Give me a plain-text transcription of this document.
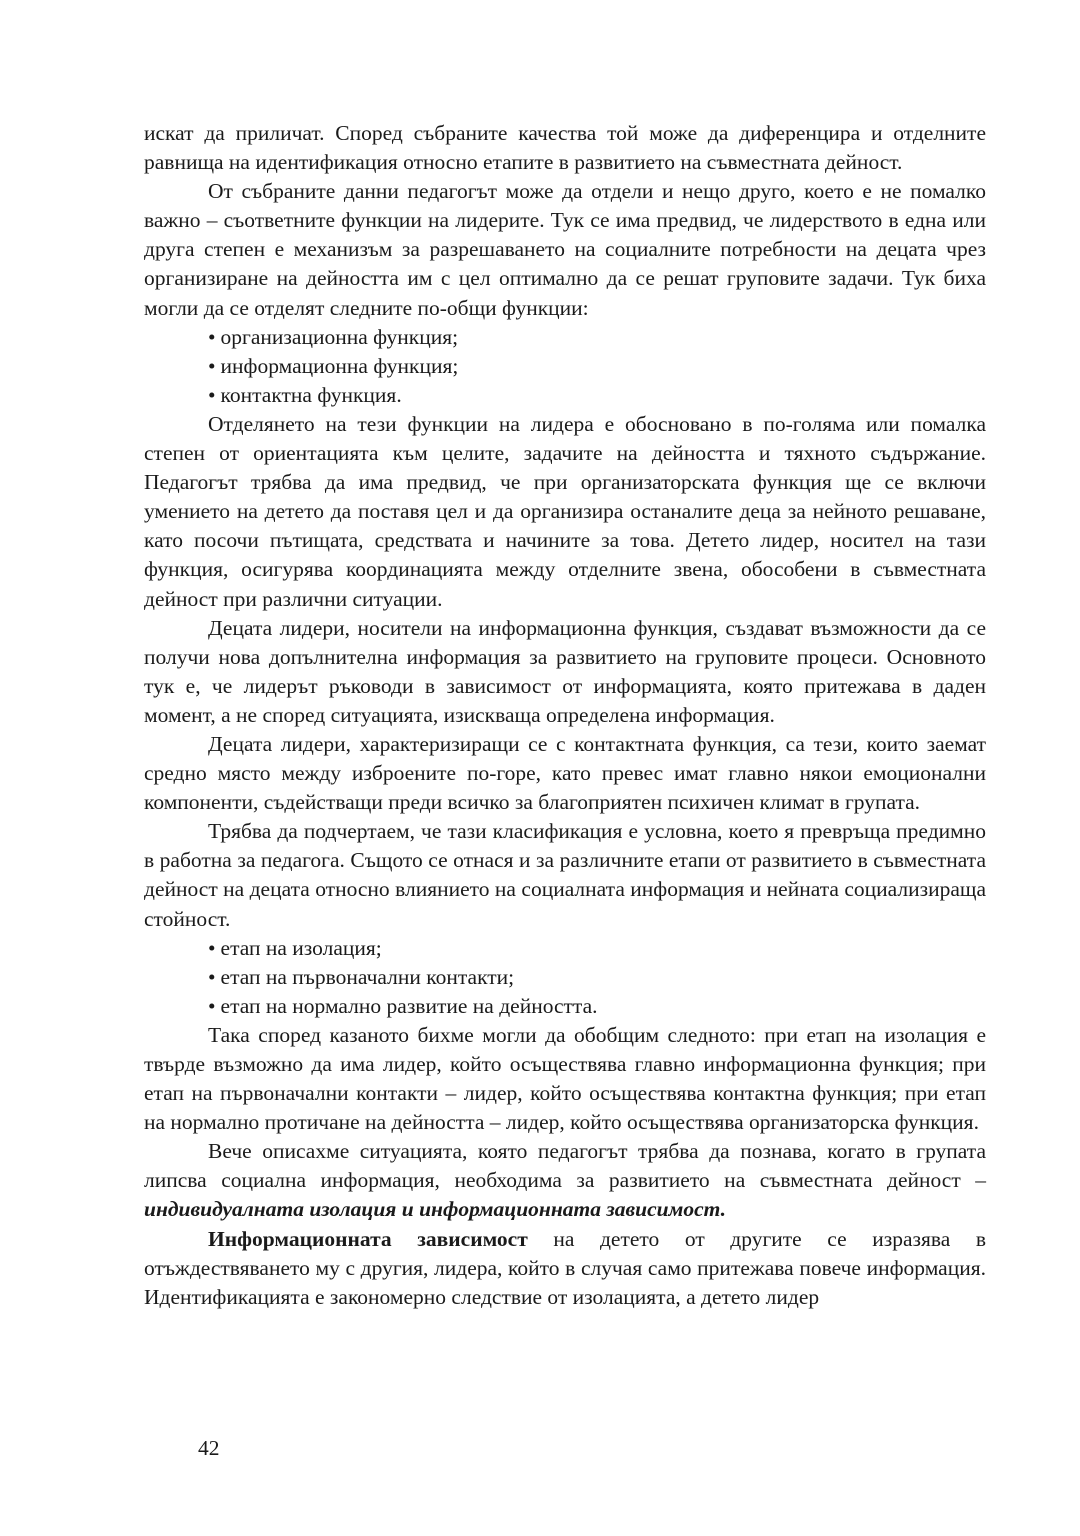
искат да приличат. Според събраните качества той може да диференцира и отделните равнища на идентификация относно етапите в развитието на съвместната дейност.

От събраните данни педагогът може да отдели и нещо друго, което е не помалко важно – съответните функции на лидерите. Тук се има предвид, че лидерството в една или друга степен е механизъм за разрешаването на социалните потребности на децата чрез организиране на дейността им с цел оптимално да се решат груповите задачи. Тук биха могли да се отделят следните по-общи функции:

• организационна функция;
• информационна функция;
• контактна функция.

Отделянето на тези функции на лидера е обосновано в по-голяма или помалка степен от ориентацията към целите, задачите на дейността и тяхното съдържание. Педагогът трябва да има предвид, че при организаторската функция ще се включи умението на детето да поставя цел и да организира останалите деца за нейното решаване, като посочи пътищата, средствата и начините за това. Детето лидер, носител на тази функция, осигурява координацията между отделните звена, обособени в съвместната дейност при различни ситуации.

Децата лидери, носители на информационна функция, създават възможности да се получи нова допълнителна информация за развитието на груповите процеси. Основното тук е, че лидерът ръководи в зависимост от информацията, която притежава в даден момент, а не според ситуацията, изискваща определена информация.

Децата лидери, характеризиращи се с контактната функция, са тези, които заемат средно място между изброените по-горе, като превес имат главно някои емоционални компоненти, съдействащи преди всичко за благоприятен психичен климат в групата.

Трябва да подчертаем, че тази класификация е условна, което я превръща предимно в работна за педагога. Същото се отнася и за различните етапи от развитието в съвместната дейност на децата относно влиянието на социалната информация и нейната социализираща стойност.

• етап на изолация;
• етап на първоначални контакти;
• етап на нормално развитие на дейността.

Така според казаното бихме могли да обобщим следното: при етап на изолация е твърде възможно да има лидер, който осъществява главно информационна функция; при етап на първоначални контакти – лидер, който осъществява контактна функция; при етап на нормално протичане на дейността – лидер, който осъществява организаторска функция.

Вече описахме ситуацията, която педагогът трябва да познава, когато в групата липсва социална информация, необходима за развитието на съвместната дейност – индивидуалната изолация и информационната зависимост.

Информационната зависимост на детето от другите се изразява в отъждествяването му с другия, лидера, който в случая само притежава повече информация. Идентификацията е закономерно следствие от изолацията, а детето лидер

42
